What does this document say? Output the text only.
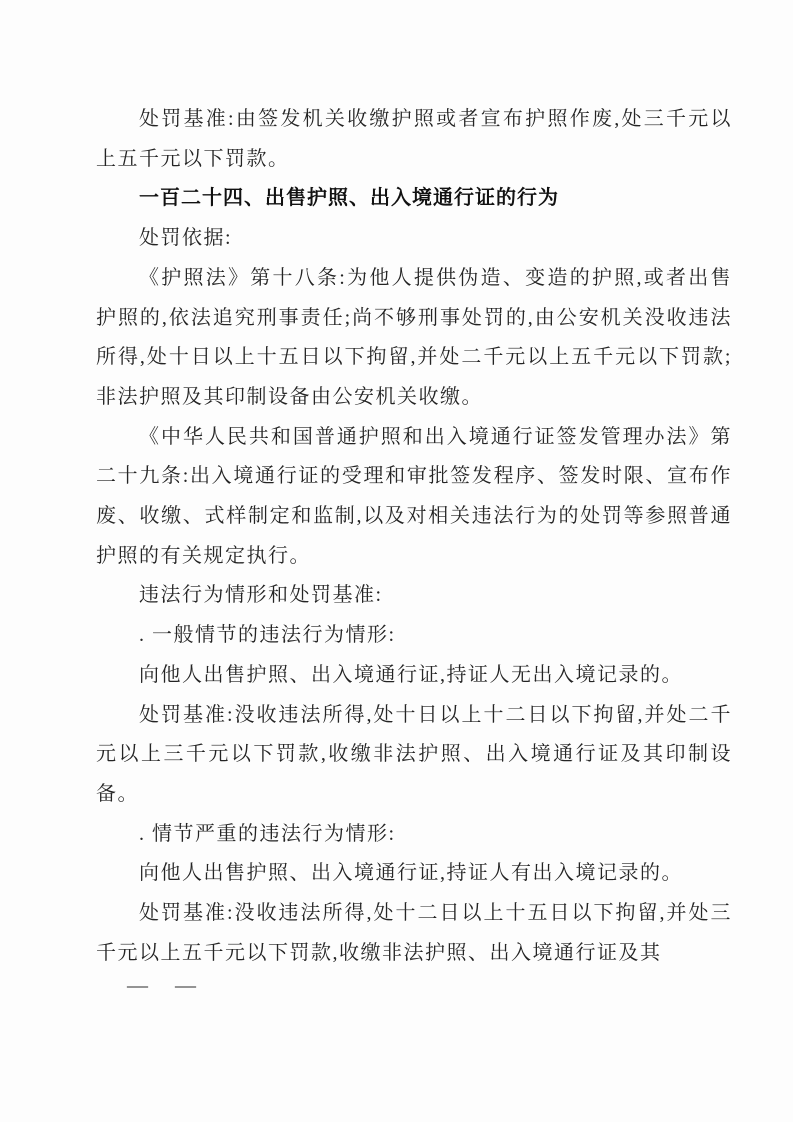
处罚基准:由签发机关收缴护照或者宣布护照作废,处三千元以上五千元以下罚款。

一百二十四、出售护照、出入境通行证的行为

处罚依据:

《护照法》第十八条:为他人提供伪造、变造的护照,或者出售护照的,依法追究刑事责任;尚不够刑事处罚的,由公安机关没收违法所得,处十日以上十五日以下拘留,并处二千元以上五千元以下罚款;非法护照及其印制设备由公安机关收缴。

《中华人民共和国普通护照和出入境通行证签发管理办法》第二十九条:出入境通行证的受理和审批签发程序、签发时限、宣布作废、收缴、式样制定和监制,以及对相关违法行为的处罚等参照普通护照的有关规定执行。

违法行为情形和处罚基准:

. 一般情节的违法行为情形:

向他人出售护照、出入境通行证,持证人无出入境记录的。

处罚基准:没收违法所得,处十日以上十二日以下拘留,并处二千元以上三千元以下罚款,收缴非法护照、出入境通行证及其印制设备。

. 情节严重的违法行为情形:

向他人出售护照、出入境通行证,持证人有出入境记录的。

处罚基准:没收违法所得,处十二日以上十五日以下拘留,并处三千元以上五千元以下罚款,收缴非法护照、出入境通行证及其

— —
